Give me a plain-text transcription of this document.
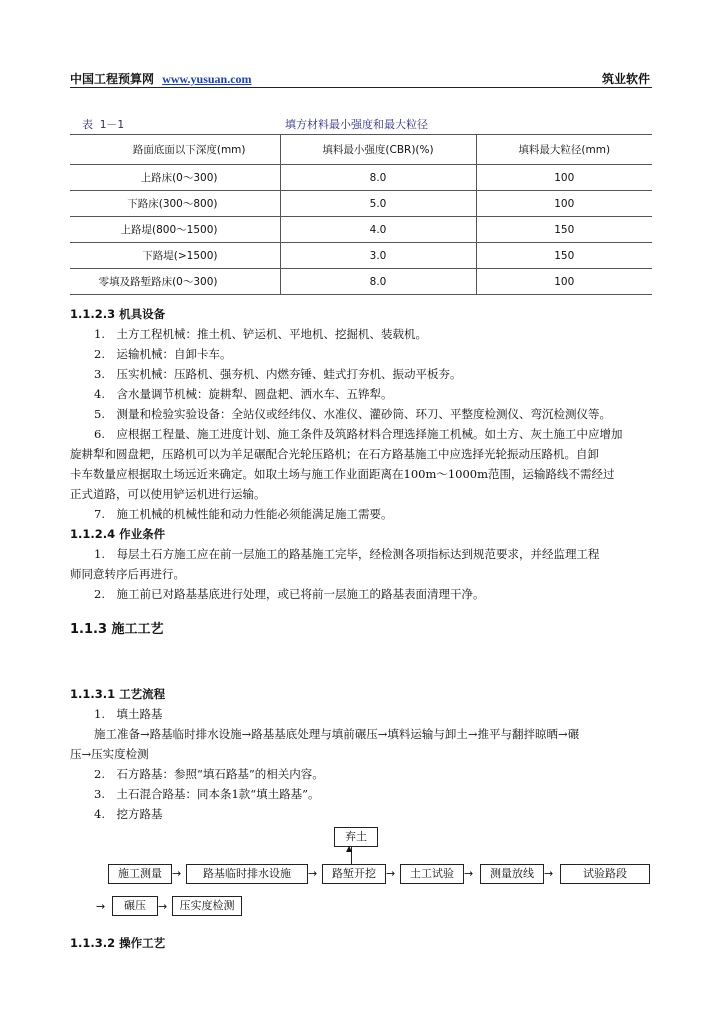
中国工程预算网 www.yusuan.com	筑业软件
表 1－1	填方材料最小强度和最大粒径
路面底面以下深度(mm)	填料最小强度(CBR)(%)	填料最大粒径(mm)
上路床(0～300)	8.0	100
下路床(300～800)	5.0	100
上路堤(800～1500)	4.0	150
下路堤(>1500)	3.0	150
零填及路堑路床(0～300)	8.0	100
1.1.2.3 机具设备
1.　土方工程机械：推土机、铲运机、平地机、挖掘机、装载机。
2.　运输机械：自卸卡车。
3.　压实机械：压路机、强夯机、内燃夯锤、蛙式打夯机、振动平板夯。
4.　含水量调节机械：旋耕犁、圆盘耙、洒水车、五铧犁。
5.　测量和检验实验设备：全站仪或经纬仪、水准仪、灌砂筒、环刀、平整度检测仪、弯沉检测仪等。
6.　应根据工程量、施工进度计划、施工条件及筑路材料合理选择施工机械。如土方、灰土施工中应增加
旋耕犁和圆盘耙，压路机可以为羊足碾配合光轮压路机；在石方路基施工中应选择光轮振动压路机。自卸
卡车数量应根据取土场远近来确定。如取土场与施工作业面距离在100m～1000m范围，运输路线不需经过
正式道路，可以使用铲运机进行运输。
7.　施工机械的机械性能和动力性能必须能满足施工需要。
1.1.2.4 作业条件
1.　每层土石方施工应在前一层施工的路基施工完毕，经检测各项指标达到规范要求，并经监理工程
师同意转序后再进行。
2.　施工前已对路基基底进行处理，或已将前一层施工的路基表面清理干净。
1.1.3 施工工艺
1.1.3.1 工艺流程
1.　填土路基
施工准备→路基临时排水设施→路基基底处理与填前碾压→填料运输与卸土→推平与翻拌晾晒→碾
压→压实度检测
2.　石方路基：参照“填石路基”的相关内容。
3.　土石混合路基：同本条1款“填土路基”。
4.　挖方路基
弃土
▲
施工测量 →	路基临时排水设施	→	路堑开挖 →	土工试验 →	测量放线 →	试验路段
→	碾压	→	压实度检测
1.1.3.2 操作工艺
